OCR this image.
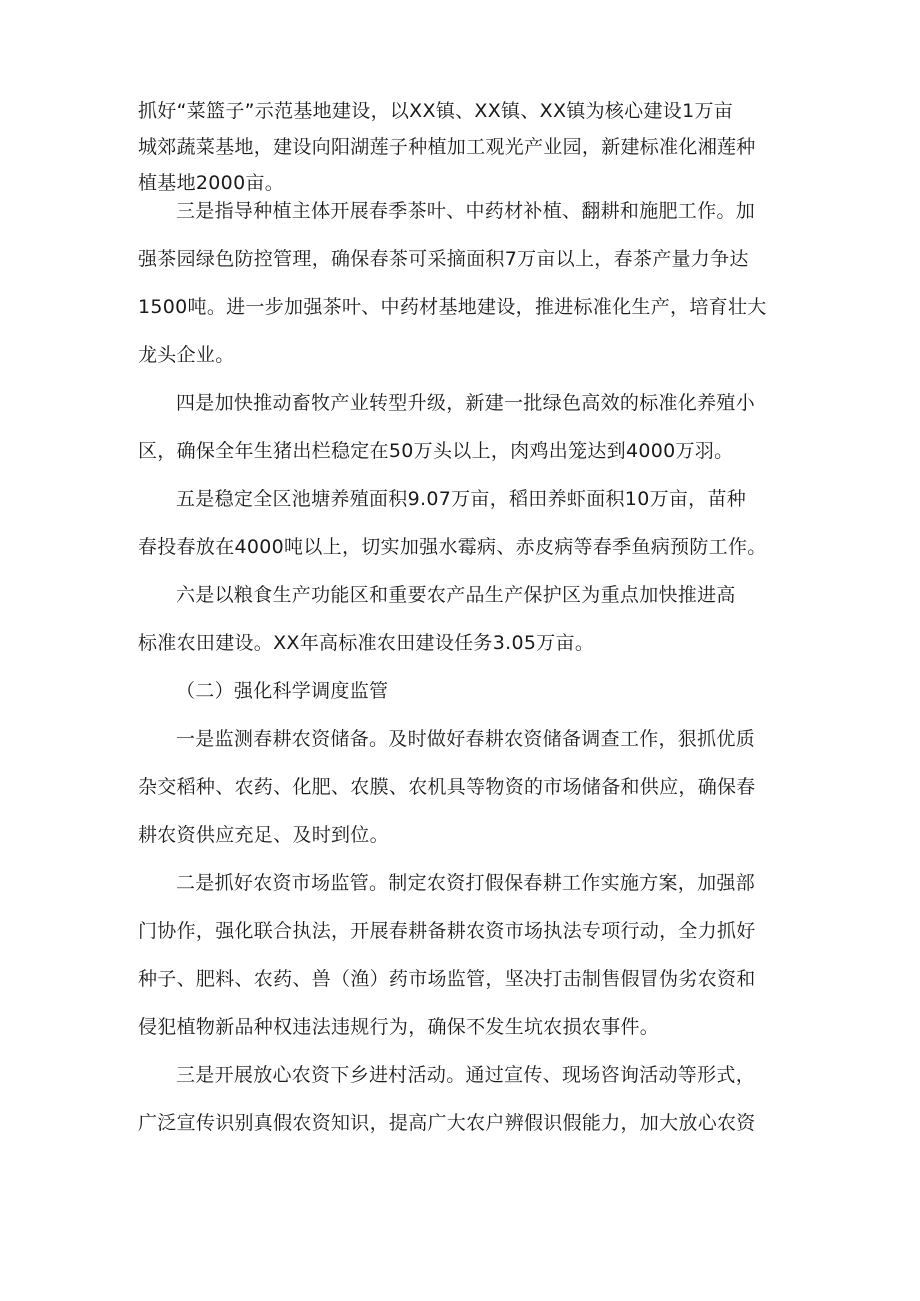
抓好“菜篮子”示范基地建设，以XX镇、XX镇、XX镇为核心建设1万亩
城郊蔬菜基地，建设向阳湖莲子种植加工观光产业园，新建标准化湘莲种
植基地2000亩。
三是指导种植主体开展春季茶叶、中药材补植、翻耕和施肥工作。加
强茶园绿色防控管理，确保春茶可采摘面积7万亩以上，春茶产量力争达
1500吨。进一步加强茶叶、中药材基地建设，推进标准化生产，培育壮大
龙头企业。
四是加快推动畜牧产业转型升级，新建一批绿色高效的标准化养殖小
区，确保全年生猪出栏稳定在50万头以上，肉鸡出笼达到4000万羽。
五是稳定全区池塘养殖面积9.07万亩，稻田养虾面积10万亩，苗种
春投春放在4000吨以上，切实加强水霉病、赤皮病等春季鱼病预防工作。
六是以粮食生产功能区和重要农产品生产保护区为重点加快推进高
标准农田建设。XX年高标准农田建设任务3.05万亩。
（二）强化科学调度监管
一是监测春耕农资储备。及时做好春耕农资储备调查工作，狠抓优质
杂交稻种、农药、化肥、农膜、农机具等物资的市场储备和供应，确保春
耕农资供应充足、及时到位。
二是抓好农资市场监管。制定农资打假保春耕工作实施方案，加强部
门协作，强化联合执法，开展春耕备耕农资市场执法专项行动，全力抓好
种子、肥料、农药、兽（渔）药市场监管，坚决打击制售假冒伪劣农资和
侵犯植物新品种权违法违规行为，确保不发生坑农损农事件。
三是开展放心农资下乡进村活动。通过宣传、现场咨询活动等形式，
广泛宣传识别真假农资知识，提高广大农户辨假识假能力，加大放心农资
